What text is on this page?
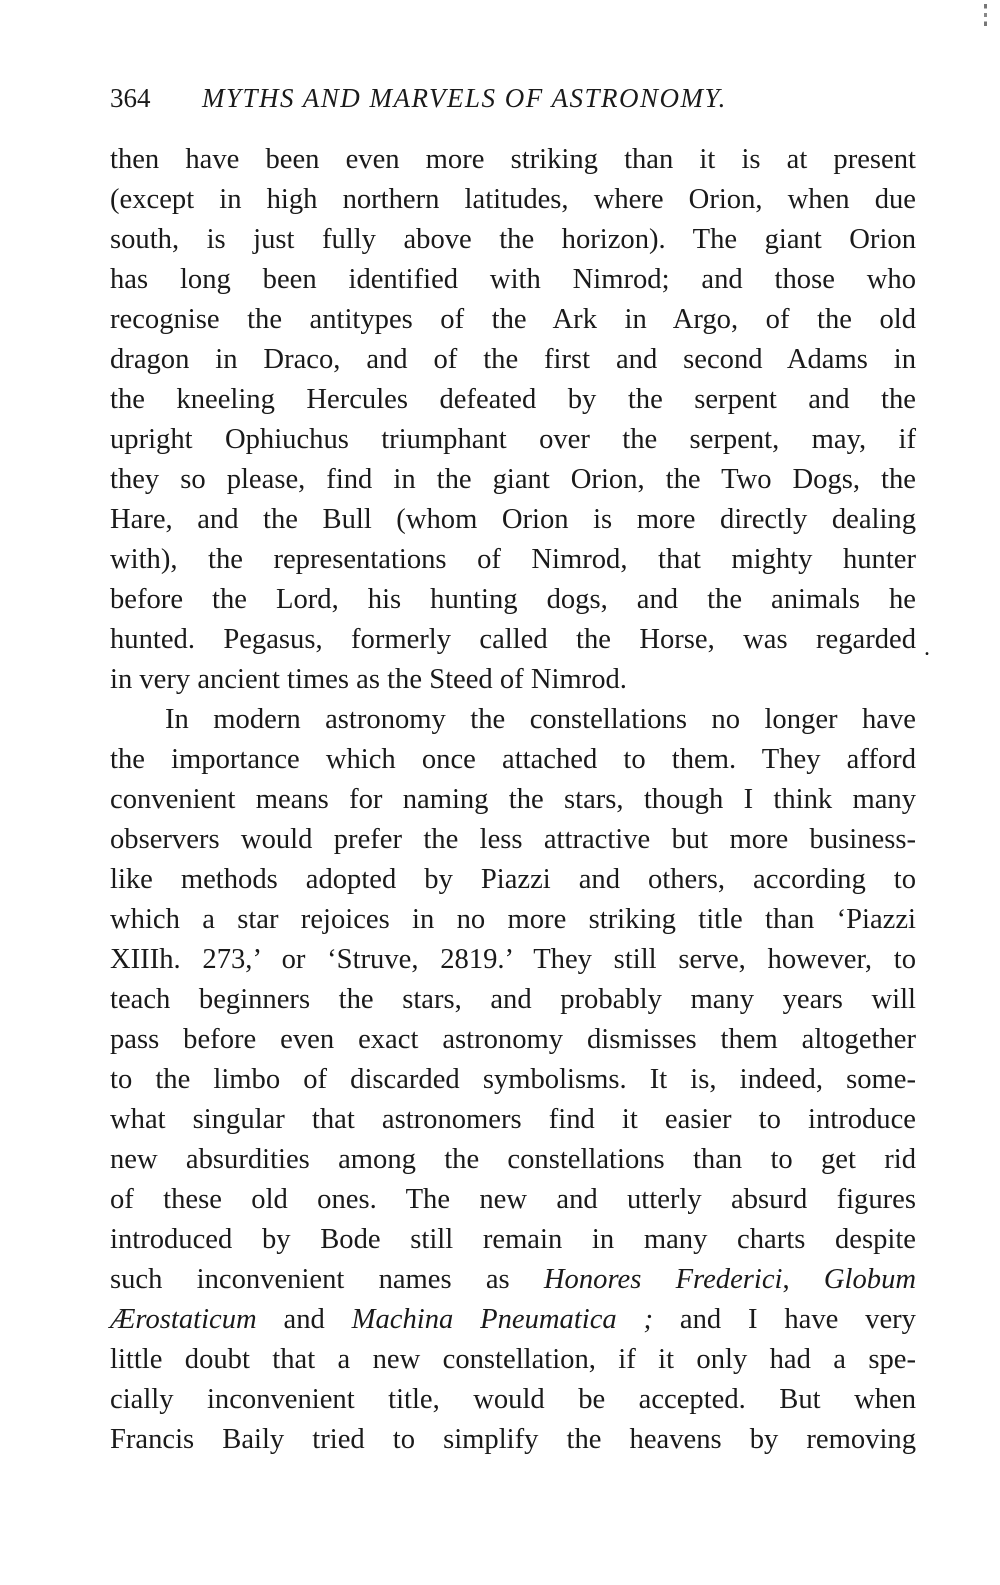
364 MYTHS AND MARVELS OF ASTRONOMY.
then have been even more striking than it is at present
(except in high northern latitudes, where Orion, when due
south, is just fully above the horizon). The giant Orion
has long been identified with Nimrod; and those who
recognise the antitypes of the Ark in Argo, of the old
dragon in Draco, and of the first and second Adams in
the kneeling Hercules defeated by the serpent and the
upright Ophiuchus triumphant over the serpent, may, if
they so please, find in the giant Orion, the Two Dogs, the
Hare, and the Bull (whom Orion is more directly dealing
with), the representations of Nimrod, that mighty hunter
before the Lord, his hunting dogs, and the animals he
hunted. Pegasus, formerly called the Horse, was regarded
in very ancient times as the Steed of Nimrod.
In modern astronomy the constellations no longer have
the importance which once attached to them. They afford
convenient means for naming the stars, though I think many
observers would prefer the less attractive but more business-
like methods adopted by Piazzi and others, according to
which a star rejoices in no more striking title than ‘Piazzi
XIIIh. 273,’ or ‘Struve, 2819.’ They still serve, however, to
teach beginners the stars, and probably many years will
pass before even exact astronomy dismisses them altogether
to the limbo of discarded symbolisms. It is, indeed, some-
what singular that astronomers find it easier to introduce
new absurdities among the constellations than to get rid
of these old ones. The new and utterly absurd figures
introduced by Bode still remain in many charts despite
such inconvenient names as Honores Frederici, Globum
Ærostaticum and Machina Pneumatica ; and I have very
little doubt that a new constellation, if it only had a spe-
cially inconvenient title, would be accepted. But when
Francis Baily tried to simplify the heavens by removing
.
